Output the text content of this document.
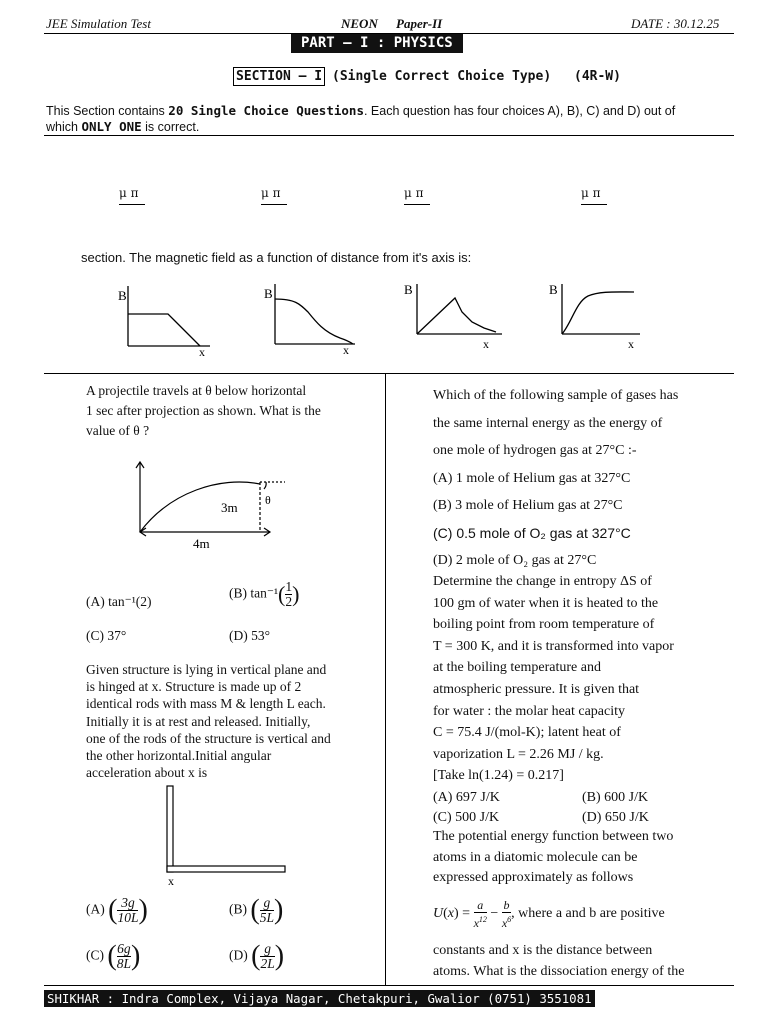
JEE Simulation Test	NEON Paper-II	DATE : 30.12.25
PART – I : PHYSICS
SECTION – I (Single Correct Choice Type) (4R-W)
This Section contains 20 Single Choice Questions. Each question has four choices A), B), C) and D) out of
which ONLY ONE is correct.
μ π	μ π	μ π	μ π
section. The magnetic field as a function of distance from it's axis is:
B
x
B
x
B
x
B
x
A projectile travels at θ below horizontal
1 sec after projection as shown. What is the
value of θ ?
3m
4m
θ
(A) tan⁻¹(2)
(B) $\tan^{-1}( \frac{1}{2}$ )
(C) 37°	(D) 53°
Given structure is lying in vertical plane and
is hinged at x. Structure is made up of 2
identical rods with mass M & length L each.
Initially it is at rest and released. Initially,
one of the rods of the structure is vertical and
the other horizontal.Initial angular
acceleration about x is
x
(A) ( $\frac{3g}{10L}$ )	(B) ( $\frac{g}{5L}$ )
(C) ( $\frac{6g}{8L}$ )	(D) ( $\frac{g}{2L}$ )
Which of the following sample of gases has
the same internal energy as the energy of
one mole of hydrogen gas at 27°C :-
(A) 1 mole of Helium gas at 327°C
(B) 3 mole of Helium gas at 27°C
(C) 0.5 mole of O₂ gas at 327°C
(D) 2 mole of O₂ gas at 27°C
Determine the change in entropy ΔS of
100 gm of water when it is heated to the
boiling point from room temperature of
T = 300 K, and it is transformed into vapor
at the boiling temperature and
atmospheric pressure. It is given that
for water : the molar heat capacity
C = 75.4 J/(mol-K); latent heat of
vaporization L = 2.26 MJ / kg.
[Take ln(1.24) = 0.217]
(A) 697 J/K	(B) 600 J/K
(C) 500 J/K	(D) 650 J/K
The potential energy function between two
atoms in a diatomic molecule can be
expressed approximately as follows
$U(x) = \frac{a}{x^{12}} - \frac{b}{x^6}$ , where a and b are positive
constants and x is the distance between
atoms. What is the dissociation energy of the
SHIKHAR : Indra Complex, Vijaya Nagar, Chetakpuri, Gwalior (0751) 3551081
